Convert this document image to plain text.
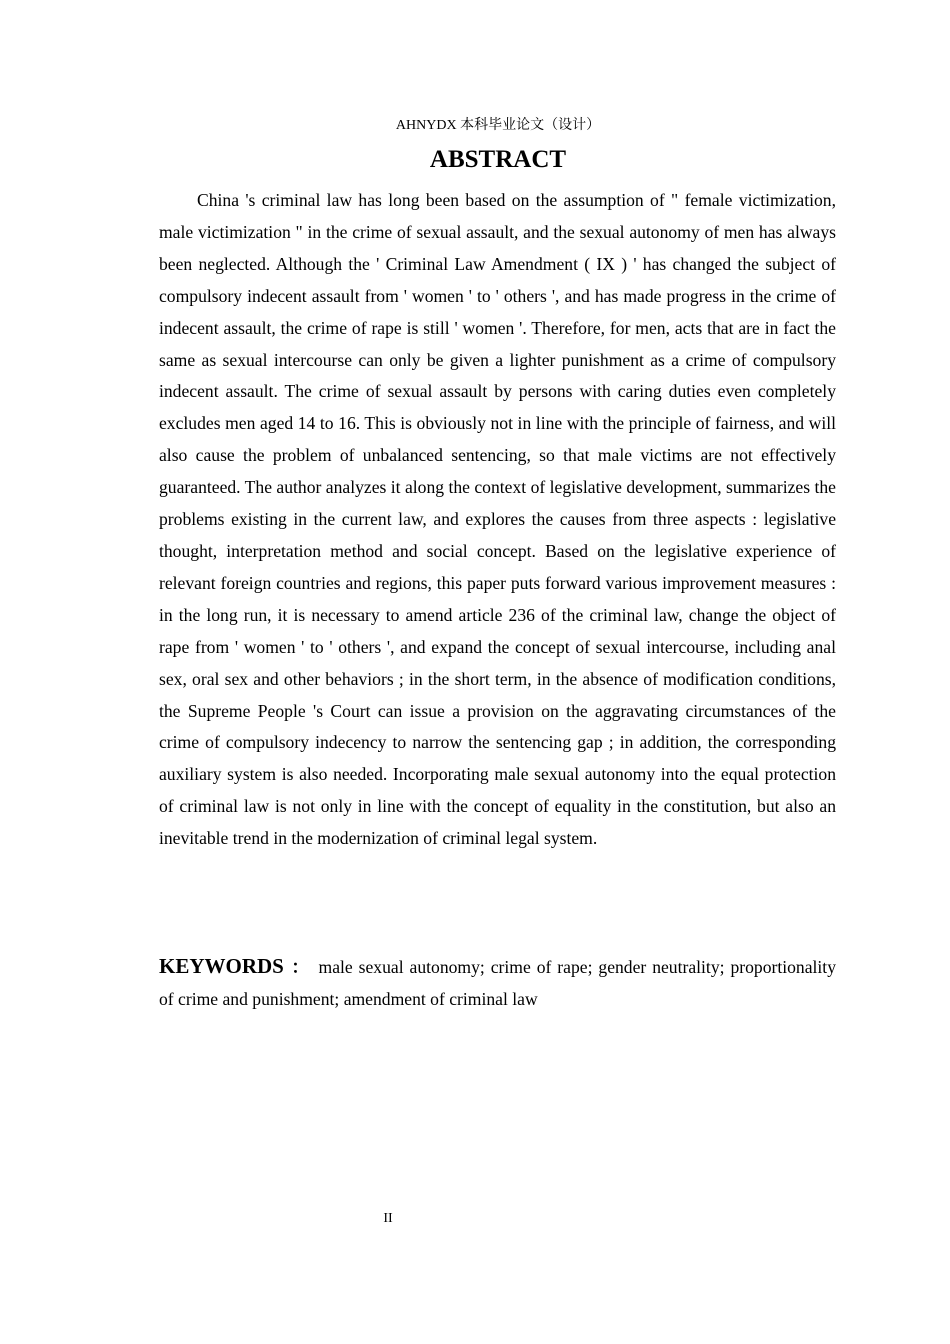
AHNYDX 本科毕业论文（设计）
ABSTRACT

China 's criminal law has long been based on the assumption of " female victimization, male victimization " in the crime of sexual assault, and the sexual autonomy of men has always been neglected. Although the ' Criminal Law Amendment ( IX ) ' has changed the subject of compulsory indecent assault from ' women ' to ' others ', and has made progress in the crime of indecent assault, the crime of rape is still ' women '. Therefore, for men, acts that are in fact the same as sexual intercourse can only be given a lighter punishment as a crime of compulsory indecent assault. The crime of sexual assault by persons with caring duties even completely excludes men aged 14 to 16. This is obviously not in line with the principle of fairness, and will also cause the problem of unbalanced sentencing, so that male victims are not effectively guaranteed. The author analyzes it along the context of legislative development, summarizes the problems existing in the current law, and explores the causes from three aspects : legislative thought, interpretation method and social concept. Based on the legislative experience of relevant foreign countries and regions, this paper puts forward various improvement measures : in the long run, it is necessary to amend article 236 of the criminal law, change the object of rape from ' women ' to ' others ', and expand the concept of sexual intercourse, including anal sex, oral sex and other behaviors ; in the short term, in the absence of modification conditions, the Supreme People 's Court can issue a provision on the aggravating circumstances of the crime of compulsory indecency to narrow the sentencing gap ; in addition, the corresponding auxiliary system is also needed. Incorporating male sexual autonomy into the equal protection of criminal law is not only in line with the concept of equality in the constitution, but also an inevitable trend in the modernization of criminal legal system.

KEYWORDS ： male sexual autonomy; crime of rape; gender neutrality; proportionality of crime and punishment; amendment of criminal law

II
